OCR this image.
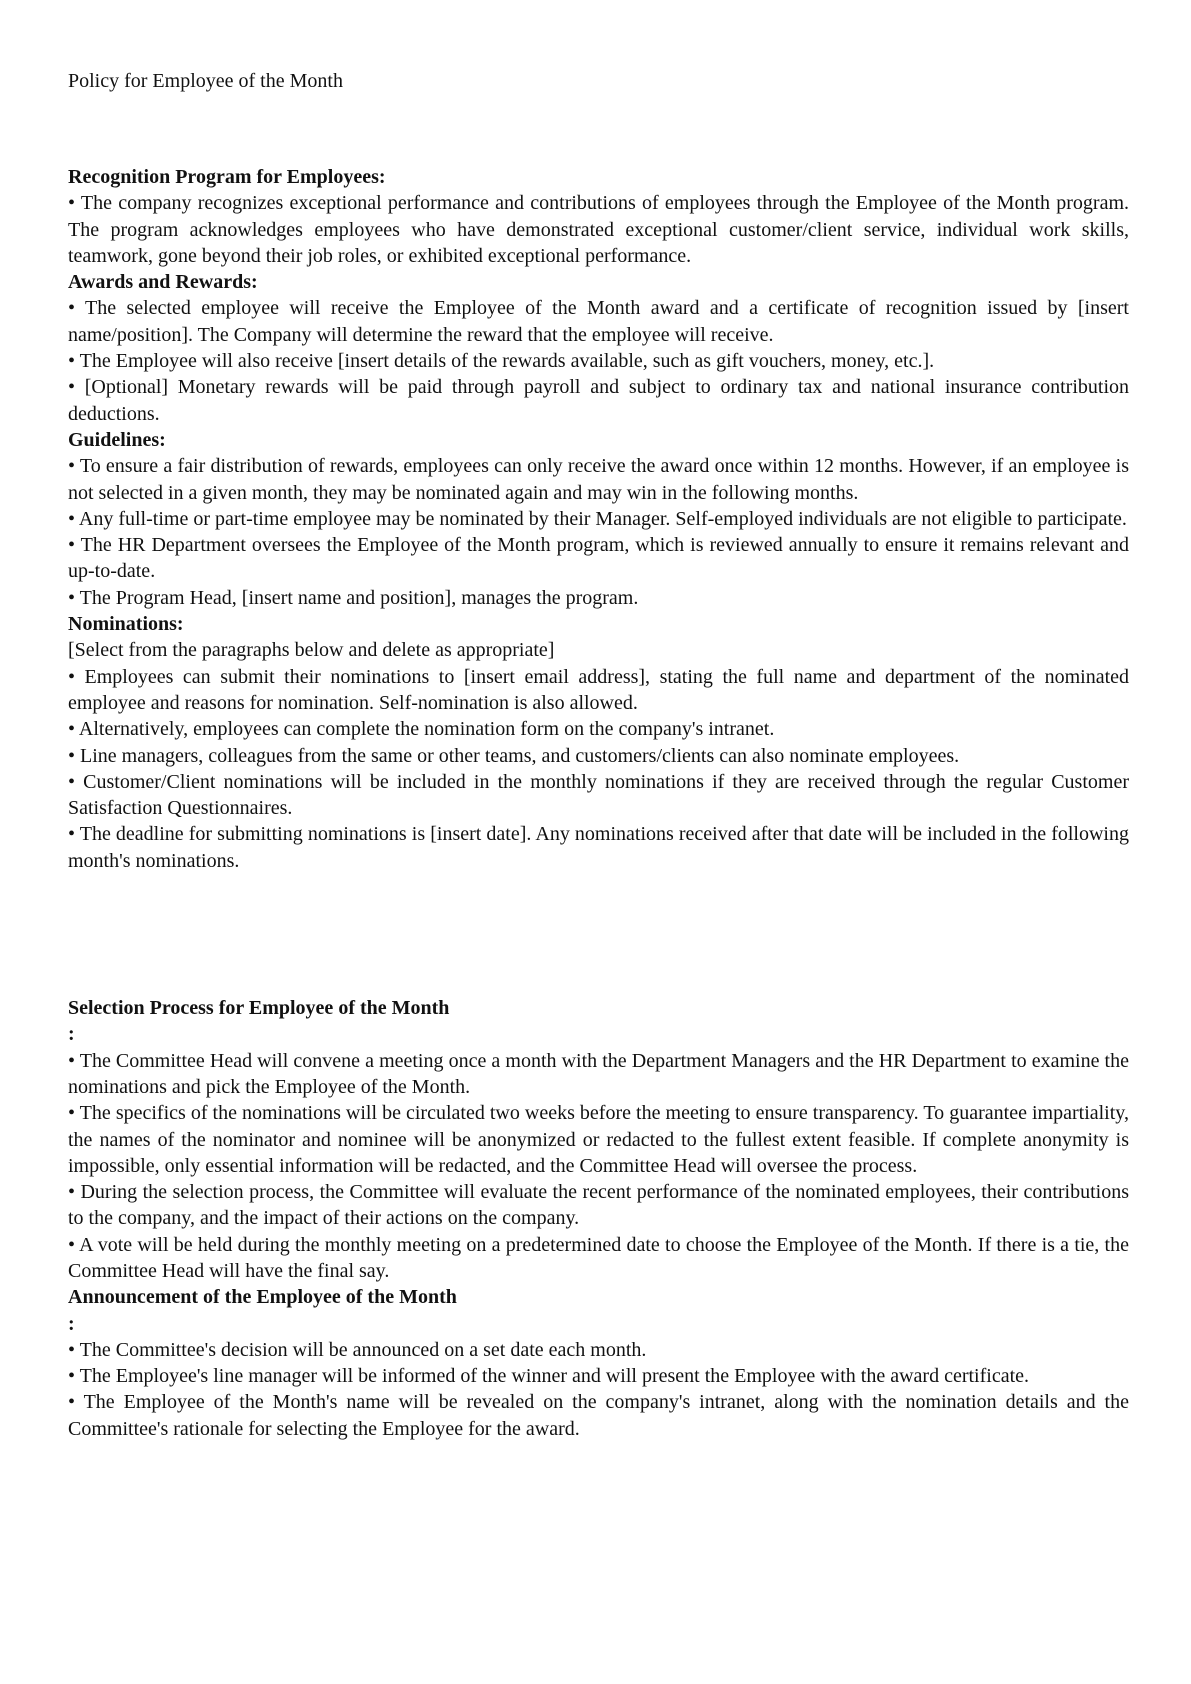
Policy for Employee of the Month

Recognition Program for Employees:
• The company recognizes exceptional performance and contributions of employees through the Employee of the Month program. The program acknowledges employees who have demonstrated exceptional customer/client service, individual work skills, teamwork, gone beyond their job roles, or exhibited exceptional performance.
Awards and Rewards:
• The selected employee will receive the Employee of the Month award and a certificate of recognition issued by [insert name/position]. The Company will determine the reward that the employee will receive.
• The Employee will also receive [insert details of the rewards available, such as gift vouchers, money, etc.].
• [Optional] Monetary rewards will be paid through payroll and subject to ordinary tax and national insurance contribution deductions.
Guidelines:
• To ensure a fair distribution of rewards, employees can only receive the award once within 12 months. However, if an employee is not selected in a given month, they may be nominated again and may win in the following months.
• Any full-time or part-time employee may be nominated by their Manager. Self-employed individuals are not eligible to participate.
• The HR Department oversees the Employee of the Month program, which is reviewed annually to ensure it remains relevant and up-to-date.
• The Program Head, [insert name and position], manages the program.
Nominations:
[Select from the paragraphs below and delete as appropriate]
• Employees can submit their nominations to [insert email address], stating the full name and department of the nominated employee and reasons for nomination. Self-nomination is also allowed.
• Alternatively, employees can complete the nomination form on the company's intranet.
• Line managers, colleagues from the same or other teams, and customers/clients can also nominate employees.
• Customer/Client nominations will be included in the monthly nominations if they are received through the regular Customer Satisfaction Questionnaires.
• The deadline for submitting nominations is [insert date]. Any nominations received after that date will be included in the following month's nominations.
Selection Process for Employee of the Month
:
• The Committee Head will convene a meeting once a month with the Department Managers and the HR Department to examine the nominations and pick the Employee of the Month.
• The specifics of the nominations will be circulated two weeks before the meeting to ensure transparency. To guarantee impartiality, the names of the nominator and nominee will be anonymized or redacted to the fullest extent feasible. If complete anonymity is impossible, only essential information will be redacted, and the Committee Head will oversee the process.
• During the selection process, the Committee will evaluate the recent performance of the nominated employees, their contributions to the company, and the impact of their actions on the company.
• A vote will be held during the monthly meeting on a predetermined date to choose the Employee of the Month. If there is a tie, the Committee Head will have the final say.
Announcement of the Employee of the Month
:
• The Committee's decision will be announced on a set date each month.
• The Employee's line manager will be informed of the winner and will present the Employee with the award certificate.
• The Employee of the Month's name will be revealed on the company's intranet, along with the nomination details and the Committee's rationale for selecting the Employee for the award.
